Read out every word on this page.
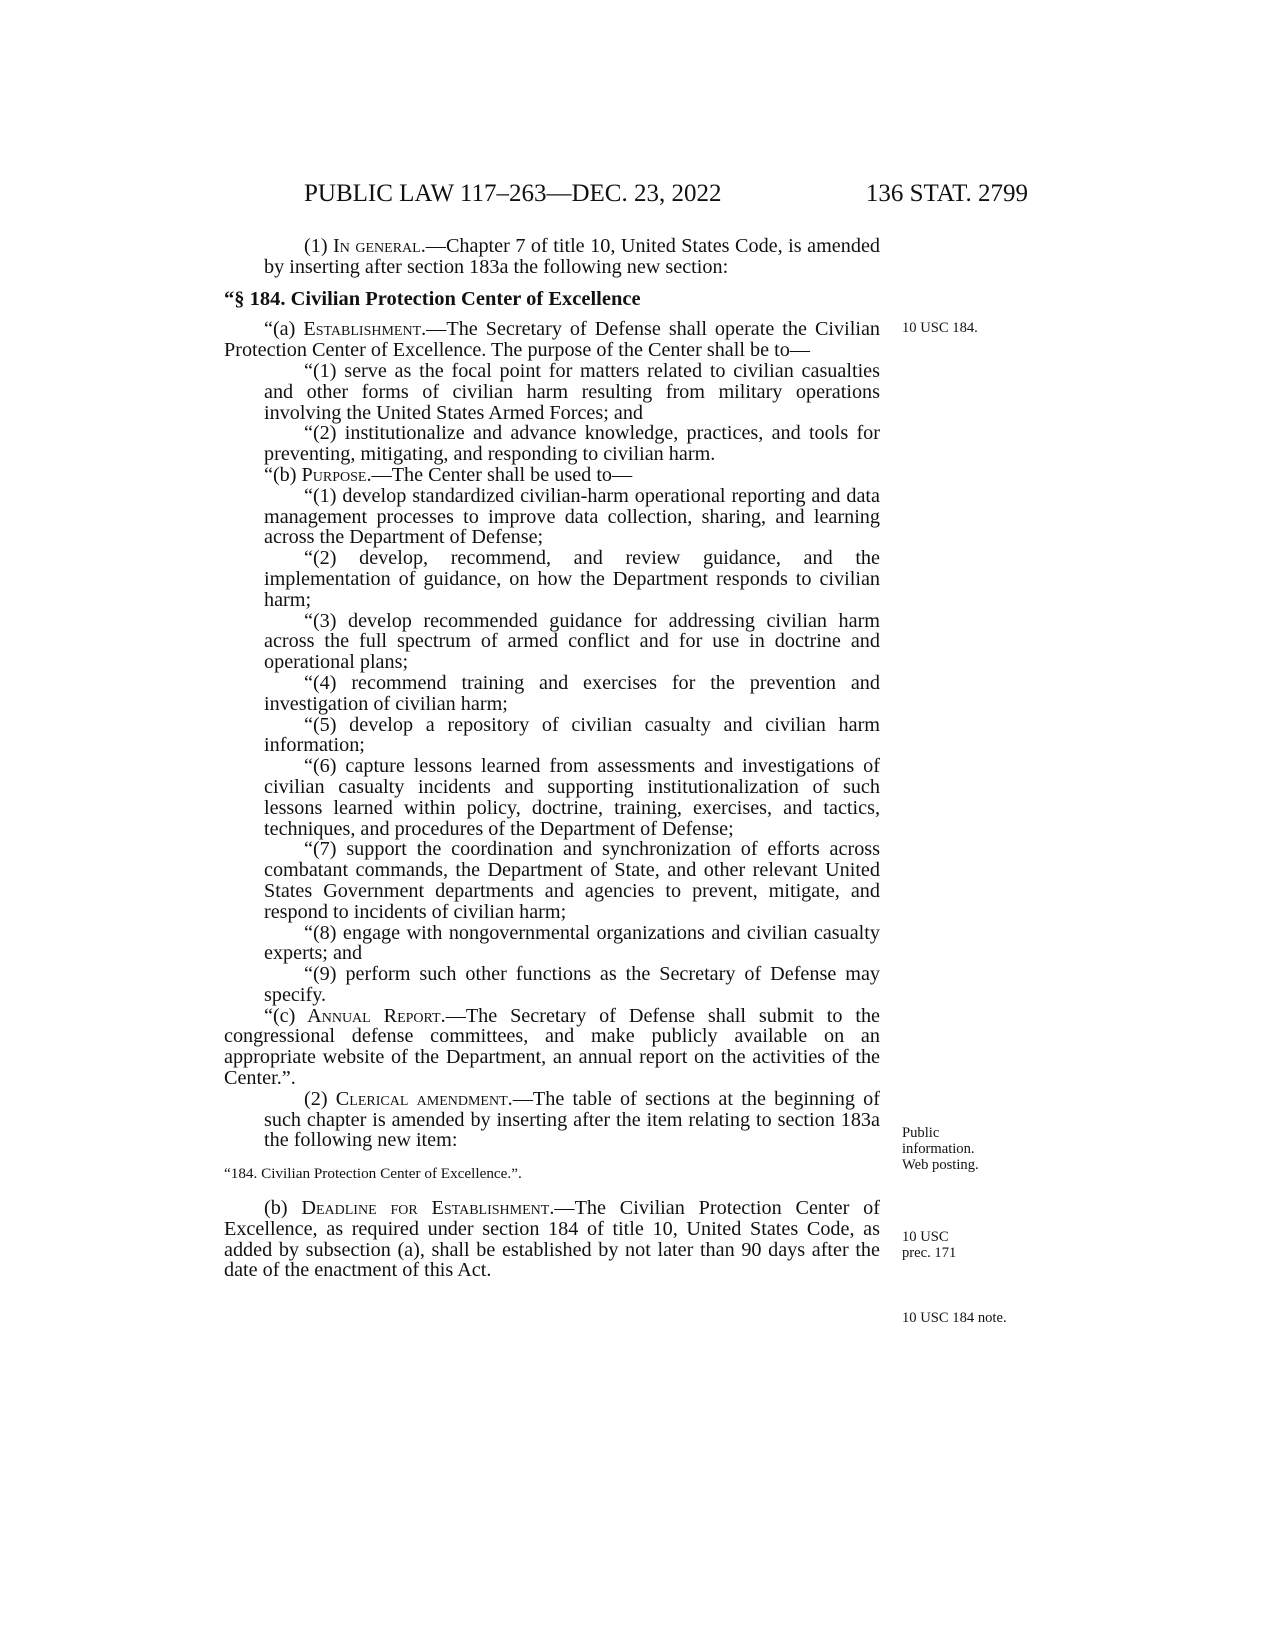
PUBLIC LAW 117–263—DEC. 23, 2022	136 STAT. 2799

(1) In general.—Chapter 7 of title 10, United States Code, is amended by inserting after section 183a the following new section:

“§ 184. Civilian Protection Center of Excellence

“(a) Establishment.—The Secretary of Defense shall operate the Civilian Protection Center of Excellence. The purpose of the Center shall be to—

“(1) serve as the focal point for matters related to civilian casualties and other forms of civilian harm resulting from military operations involving the United States Armed Forces; and

“(2) institutionalize and advance knowledge, practices, and tools for preventing, mitigating, and responding to civilian harm.

“(b) Purpose.—The Center shall be used to—

“(1) develop standardized civilian-harm operational reporting and data management processes to improve data collection, sharing, and learning across the Department of Defense;

“(2) develop, recommend, and review guidance, and the implementation of guidance, on how the Department responds to civilian harm;

“(3) develop recommended guidance for addressing civilian harm across the full spectrum of armed conflict and for use in doctrine and operational plans;

“(4) recommend training and exercises for the prevention and investigation of civilian harm;

“(5) develop a repository of civilian casualty and civilian harm information;

“(6) capture lessons learned from assessments and investigations of civilian casualty incidents and supporting institutionalization of such lessons learned within policy, doctrine, training, exercises, and tactics, techniques, and procedures of the Department of Defense;

“(7) support the coordination and synchronization of efforts across combatant commands, the Department of State, and other relevant United States Government departments and agencies to prevent, mitigate, and respond to incidents of civilian harm;

“(8) engage with nongovernmental organizations and civilian casualty experts; and

“(9) perform such other functions as the Secretary of Defense may specify.

“(c) Annual Report.—The Secretary of Defense shall submit to the congressional defense committees, and make publicly available on an appropriate website of the Department, an annual report on the activities of the Center.”.

(2) Clerical amendment.—The table of sections at the beginning of such chapter is amended by inserting after the item relating to section 183a the following new item:

“184. Civilian Protection Center of Excellence.”.

(b) Deadline for Establishment.—The Civilian Protection Center of Excellence, as required under section 184 of title 10, United States Code, as added by subsection (a), shall be established by not later than 90 days after the date of the enactment of this Act.

10 USC 184.
Public
information.
Web posting.
10 USC
prec. 171
10 USC 184 note.
